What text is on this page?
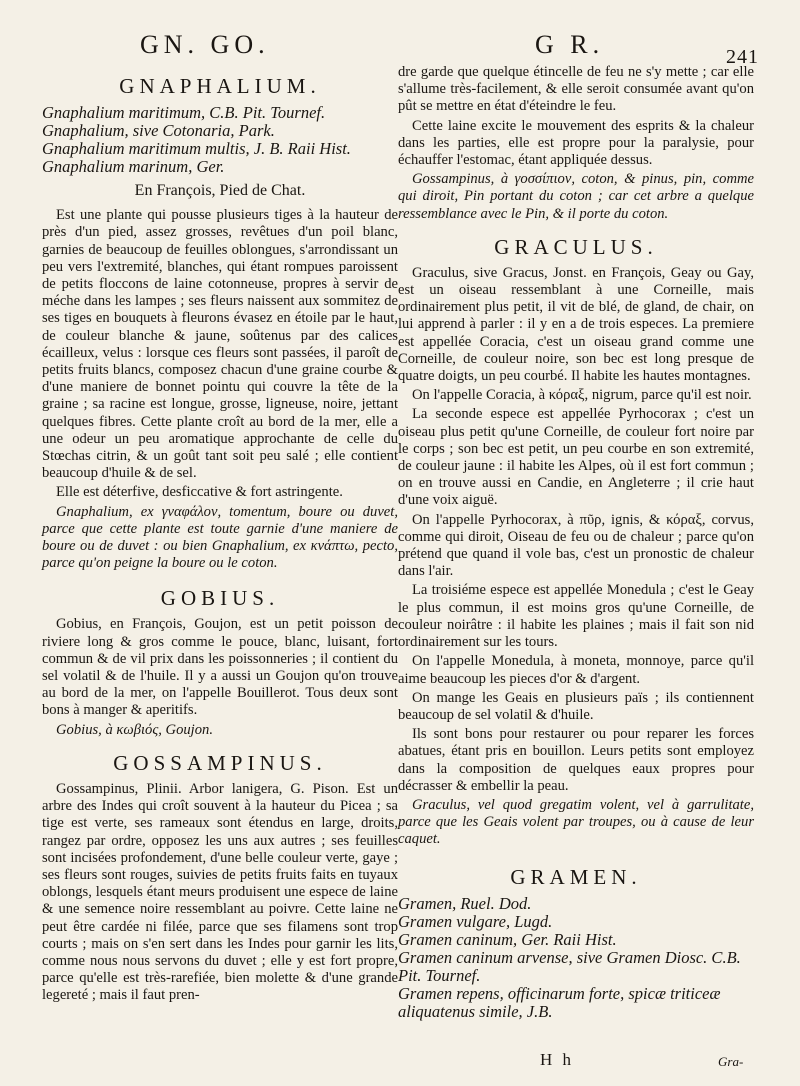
GN. GO.	G R.	241
GNAPHALIUM.

Gnaphalium maritimum, C.B. Pit. Tournef.

Gnaphalium, sive Cotonaria, Park.

Gnaphalium maritimum multis, J. B. Raii Hist.

Gnaphalium marinum, Ger.

En François, Pied de Chat.

Est une plante qui pousse plusieurs tiges à la hauteur de près d'un pied, assez grosses, revêtues d'un poil blanc, garnies de beaucoup de feuilles oblongues, s'arrondissant un peu vers l'extremité, blanches, qui étant rompues paroissent de petits floccons de laine cotonneuse, propres à servir de méche dans les lampes ; ses fleurs naissent aux sommitez de ses tiges en bouquets à fleurons évasez en étoile par le haut, de couleur blanche & jaune, soûtenus par des calices écailleux, velus : lorsque ces fleurs sont passées, il paroît de petits fruits blancs, composez chacun d'une graine courbe & d'une maniere de bonnet pointu qui couvre la tête de la graine ; sa racine est longue, grosse, ligneuse, noire, jettant quelques fibres. Cette plante croît au bord de la mer, elle a une odeur un peu aromatique approchante de celle du Stœchas citrin, & un goût tant soit peu salé ; elle contient beaucoup d'huile & de sel.

Elle est déterfive, desficcative & fort astringente.

Gnaphalium, ex γναφάλον, tomentum, boure ou duvet, parce que cette plante est toute garnie d'une maniere de boure ou de duvet : ou bien Gnaphalium, ex κνάπτω, pecto, parce qu'on peigne la boure ou le coton.

GOBIUS.

Gobius, en François, Goujon, est un petit poisson de riviere long & gros comme le pouce, blanc, luisant, fort commun & de vil prix dans les poissonneries ; il contient du sel volatil & de l'huile. Il y a aussi un Goujon qu'on trouve au bord de la mer, on l'appelle Bouillerot. Tous deux sont bons à manger & aperitifs.

Gobius, à κωβιός, Goujon.

GOSSAMPINUS.

Gossampinus, Plinii. Arbor lanigera, G. Pison. Est un arbre des Indes qui croît souvent à la hauteur du Picea ; sa tige est verte, ses rameaux sont étendus en large, droits, rangez par ordre, opposez les uns aux autres ; ses feuilles sont incisées profondement, d'une belle couleur verte, gaye ; ses fleurs sont rouges, suivies de petits fruits faits en tuyaux oblongs, lesquels étant meurs produisent une espece de laine & une semence noire ressemblant au poivre. Cette laine ne peut être cardée ni filée, parce que ses filamens sont trop courts ; mais on s'en sert dans les Indes pour garnir les lits, comme nous nous servons du duvet ; elle y est fort propre, parce qu'elle est très-rarefiée, bien molette & d'une grande legereté ; mais il faut pren-

dre garde que quelque étincelle de feu ne s'y mette ; car elle s'allume très-facilement, & elle seroit consumée avant qu'on pût se mettre en état d'éteindre le feu.

Cette laine excite le mouvement des esprits & la chaleur dans les parties, elle est propre pour la paralysie, pour échauffer l'estomac, étant appliquée dessus.

Gossampinus, à γοσσίπιον, coton, & pinus, pin, comme qui diroit, Pin portant du coton ; car cet arbre a quelque ressemblance avec le Pin, & il porte du coton.

GRACULUS.

Graculus, sive Gracus, Jonst. en François, Geay ou Gay, est un oiseau ressemblant à une Corneille, mais ordinairement plus petit, il vit de blé, de gland, de chair, on lui apprend à parler : il y en a de trois especes. La premiere est appellée Coracia, c'est un oiseau grand comme une Corneille, de couleur noire, son bec est long presque de quatre doigts, un peu courbé. Il habite les hautes montagnes.

On l'appelle Coracia, à κόραξ, nigrum, parce qu'il est noir.

La seconde espece est appellée Pyrhocorax ; c'est un oiseau plus petit qu'une Corneille, de couleur fort noire par le corps ; son bec est petit, un peu courbe en son extremité, de couleur jaune : il habite les Alpes, où il est fort commun ; on en trouve aussi en Candie, en Angleterre ; il crie haut d'une voix aiguë.

On l'appelle Pyrhocorax, à πῦρ, ignis, & κόραξ, corvus, comme qui diroit, Oiseau de feu ou de chaleur ; parce qu'on prétend que quand il vole bas, c'est un pronostic de chaleur dans l'air.

La troisiéme espece est appellée Monedula ; c'est le Geay le plus commun, il est moins gros qu'une Corneille, de couleur noirâtre : il habite les plaines ; mais il fait son nid ordinairement sur les tours.

On l'appelle Monedula, à moneta, monnoye, parce qu'il aime beaucoup les pieces d'or & d'argent.

On mange les Geais en plusieurs païs ; ils contiennent beaucoup de sel volatil & d'huile.

Ils sont bons pour restaurer ou pour reparer les forces abatues, étant pris en bouillon. Leurs petits sont employez dans la composition de quelques eaux propres pour décrasser & embellir la peau.

Graculus, vel quod gregatim volent, vel à garrulitate, parce que les Geais volent par troupes, ou à cause de leur caquet.

GRAMEN.

Gramen, Ruel. Dod.

Gramen vulgare, Lugd.

Gramen caninum, Ger. Raii Hist.

Gramen caninum arvense, sive Gramen Diosc. C.B. Pit. Tournef.

Gramen repens, officinarum forte, spicæ triticeæ aliquatenus simile, J.B.

H h	Gra-
